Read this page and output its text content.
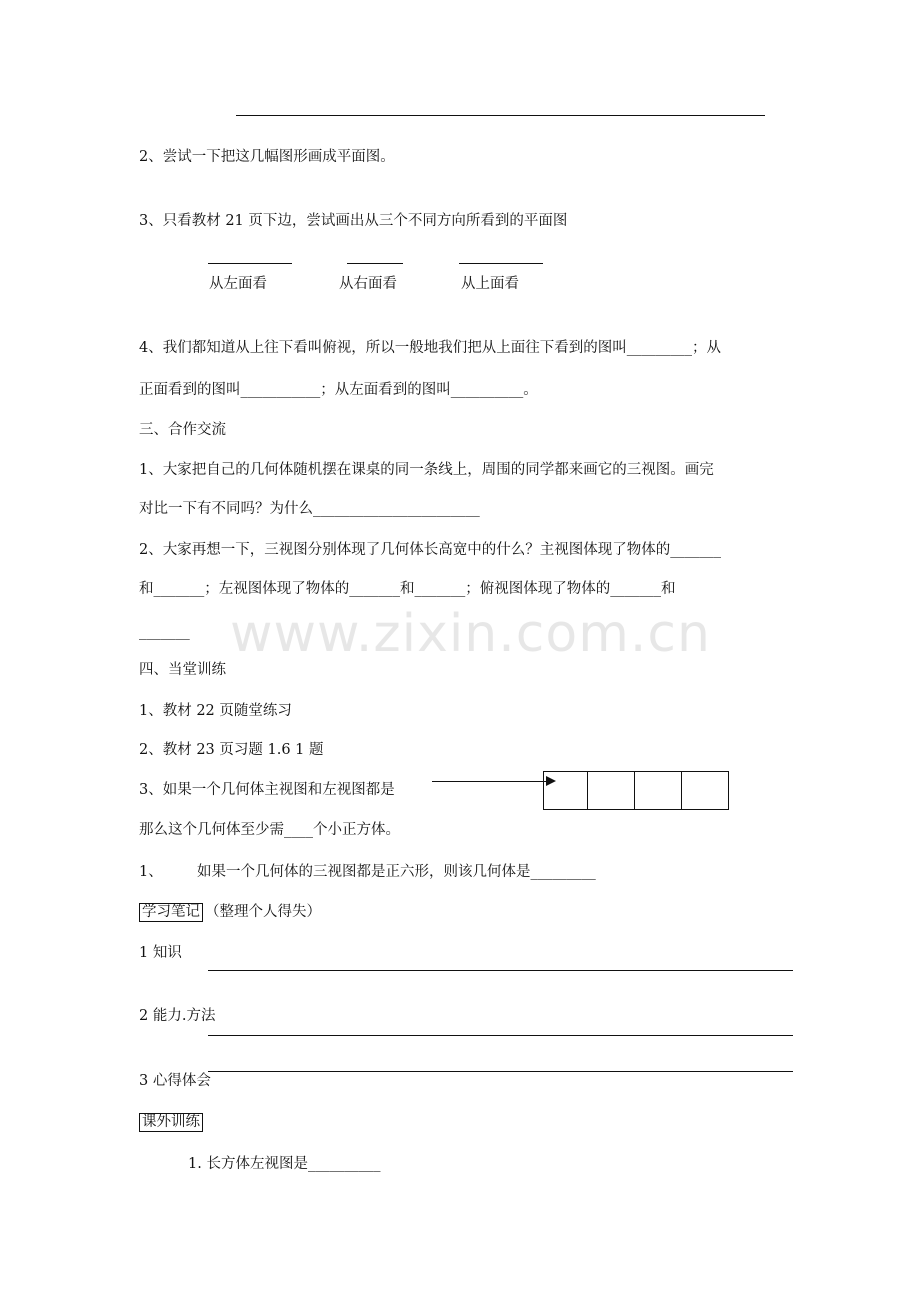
2、尝试一下把这几幅图形画成平面图。
3、只看教材 21 页下边，尝试画出从三个不同方向所看到的平面图
从左面看	从右面看	从上面看
4、我们都知道从上往下看叫俯视，所以一般地我们把从上面往下看到的图叫_________；从
正面看到的图叫___________；从左面看到的图叫__________。
三、合作交流
1、大家把自己的几何体随机摆在课桌的同一条线上，周围的同学都来画它的三视图。画完
对比一下有不同吗？为什么_______________________
2、大家再想一下，三视图分别体现了几何体长高宽中的什么？主视图体现了物体的_______
和_______；左视图体现了物体的_______和_______；俯视图体现了物体的_______和
_______ www.zixin.com.cn
四、当堂训练
1、教材 22 页随堂练习
2、教材 23 页习题 1.6 1 题
3、如果一个几何体主视图和左视图都是
那么这个几何体至少需____个小正方体。
1、 如果一个几何体的三视图都是正六形，则该几何体是_________
学习笔记 （整理个人得失）
1 知识
2 能力.方法
3 心得体会
课外训练
1. 长方体左视图是__________
